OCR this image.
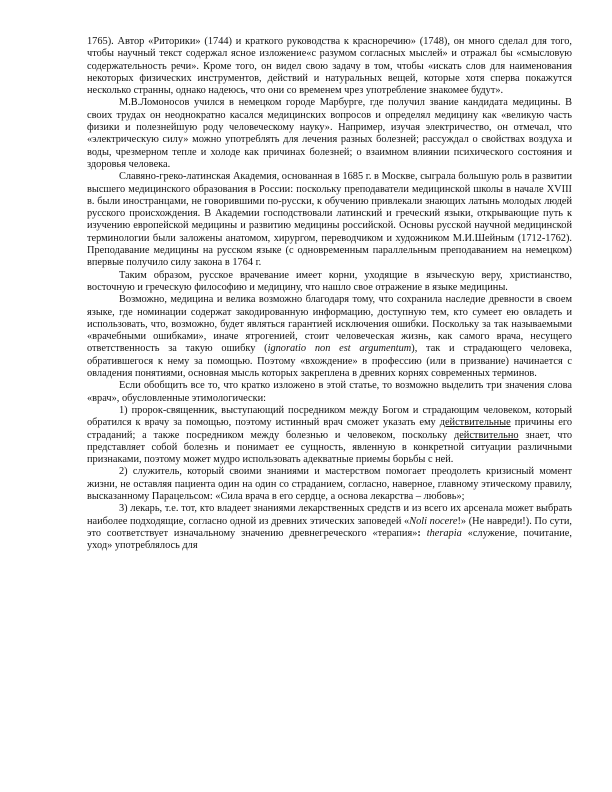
1765). Автор «Риторики» (1744) и краткого руководства к красноречию» (1748), он много сделал для того, чтобы научный текст содержал ясное изложение«с разумом согласных мыслей» и отражал бы «смысловую содержательность речи». Кроме того, он видел свою задачу в том, чтобы «искать слов для наименования некоторых физических инструментов, действий и натуральных вещей, которые хотя сперва покажутся несколько странны, однако надеюсь, что они со временем чрез употребление знакомее будут».

М.В.Ломоносов учился в немецком городе Марбурге, где получил звание кандидата медицины. В своих трудах он неоднократно касался медицинских вопросов и определял медицину как «великую часть физики и полезнейшую роду человеческому науку». Например, изучая электричество, он отмечал, что «электрическую силу» можно употреблять для лечения разных болезней; рассуждал о свойствах воздуха и воды, чрезмерном тепле и холоде как причинах болезней; о взаимном влиянии психического состояния и здоровья человека.

Славяно-греко-латинская Академия, основанная в 1685 г. в Москве, сыграла большую роль в развитии высшего медицинского образования в России: поскольку преподаватели медицинской школы в начале XVIII в. были иностранцами, не говорившими по-русски, к обучению привлекали знающих латынь молодых людей русского происхождения. В Академии господствовали латинский и греческий языки, открывающие путь к изучению европейской медицины и развитию медицины российской. Основы русской научной медицинской терминологии были заложены анатомом, хирургом, переводчиком и художником М.И.Шейным (1712-1762). Преподавание медицины на русском языке (с одновременным параллельным преподаванием на немецком) впервые получило силу закона в 1764 г.

Таким образом, русское врачевание имеет корни, уходящие в языческую веру, христианство, восточную и греческую философию и медицину, что нашло свое отражение в языке медицины.

Возможно, медицина и велика возможно благодаря тому, что сохранила наследие древности в своем языке, где номинации содержат закодированную информацию, доступную тем, кто сумеет ею овладеть и использовать, что, возможно, будет являться гарантией исключения ошибки. Поскольку за так называемыми «врачебными ошибками», иначе ятрогенией, стоит человеческая жизнь, как самого врача, несущего ответственность за такую ошибку (ignoratio non est argumentum), так и страдающего человека, обратившегося к нему за помощью. Поэтому «вхождение» в профессию (или в призвание) начинается с овладения понятиями, основная мысль которых закреплена в древних корнях современных терминов.

Если обобщить все то, что кратко изложено в этой статье, то возможно выделить три значения слова «врач», обусловленные этимологически:

1) пророк-священник, выступающий посредником между Богом и страдающим человеком, который обратился к врачу за помощью, поэтому истинный врач сможет указать ему действительные причины его страданий; а также посредником между болезнью и человеком, поскольку действительно знает, что представляет собой болезнь и понимает ее сущность, явленную в конкретной ситуации различными признаками, поэтому может мудро использовать адекватные приемы борьбы с ней.

2) служитель, который своими знаниями и мастерством помогает преодолеть кризисный момент жизни, не оставляя пациента один на один со страданием, согласно, наверное, главному этическому правилу, высказанному Парацельсом: «Сила врача в его сердце, а основа лекарства – любовь»;

3) лекарь, т.е. тот, кто владеет знаниями лекарственных средств и из всего их арсенала может выбрать наиболее подходящие, согласно одной из древних этических заповедей «Noli nocere!» (Не навреди!). По сути, это соответствует изначальному значению древнегреческого «терапия»: therapia «служение, почитание, уход» употреблялось для
